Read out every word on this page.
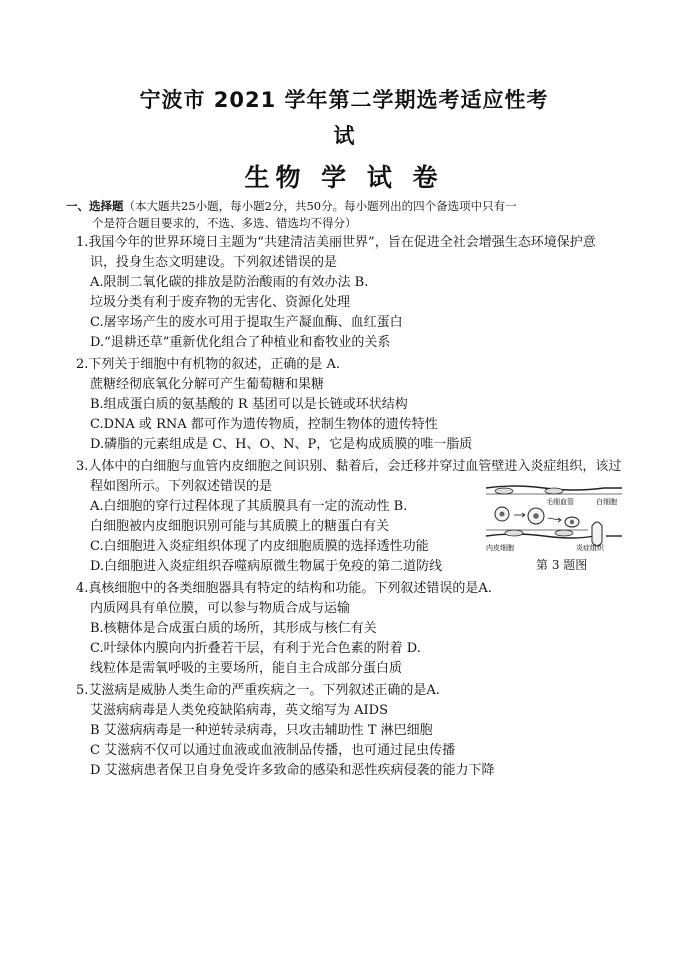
宁波市 2021 学年第二学期选考适应性考
试
生物 学 试 卷
一、选择题（本大题共25小题，每小题2分，共50分。每小题列出的四个备选项中只有一
个是符合题目要求的，不选、多选、错选均不得分）
1.我国今年的世界环境日主题为“共建清洁美丽世界”，旨在促进全社会增强生态环境保护意
识，投身生态文明建设。下列叙述错误的是
A.限制二氧化碳的排放是防治酸雨的有效办法 B.
垃圾分类有利于废弃物的无害化、资源化处理
C.屠宰场产生的废水可用于提取生产凝血酶、血红蛋白
D.“退耕还草”重新优化组合了种植业和畜牧业的关系
2.下列关于细胞中有机物的叙述，正确的是 A.
蔗糖经彻底氧化分解可产生葡萄糖和果糖
B.组成蛋白质的氨基酸的 R 基团可以是长链或环状结构
C.DNA 或 RNA 都可作为遗传物质，控制生物体的遗传特性
D.磷脂的元素组成是 C、H、O、N、P，它是构成质膜的唯一脂质
3.人体中的白细胞与血管内皮细胞之间识别、黏着后，会迁移并穿过血管壁进入炎症组织，该过
程如图所示。下列叙述错误的是
A.白细胞的穿行过程体现了其质膜具有一定的流动性 B.
白细胞被内皮细胞识别可能与其质膜上的糖蛋白有关
C.白细胞进入炎症组织体现了内皮细胞质膜的选择透性功能
D.白细胞进入炎症组织吞噬病原微生物属于免疫的第二道防线
4.真核细胞中的各类细胞器具有特定的结构和功能。下列叙述错误的是A.
内质网具有单位膜，可以参与物质合成与运输
B.核糖体是合成蛋白质的场所，其形成与核仁有关
C.叶绿体内膜向内折叠若干层，有利于光合色素的附着 D.
线粒体是需氧呼吸的主要场所，能自主合成部分蛋白质
5.艾滋病是威胁人类生命的严重疾病之一。下列叙述正确的是A.
艾滋病病毒是人类免疫缺陷病毒，英文缩写为 AIDS
B 艾滋病病毒是一种逆转录病毒，只攻击辅助性 T 淋巴细胞
C 艾滋病不仅可以通过血液或血液制品传播，也可通过昆虫传播
D 艾滋病患者保卫自身免受许多致命的感染和恶性疾病侵袭的能力下降
毛细血管	白细胞
内皮细胞	炎症组织
第 3 题图
